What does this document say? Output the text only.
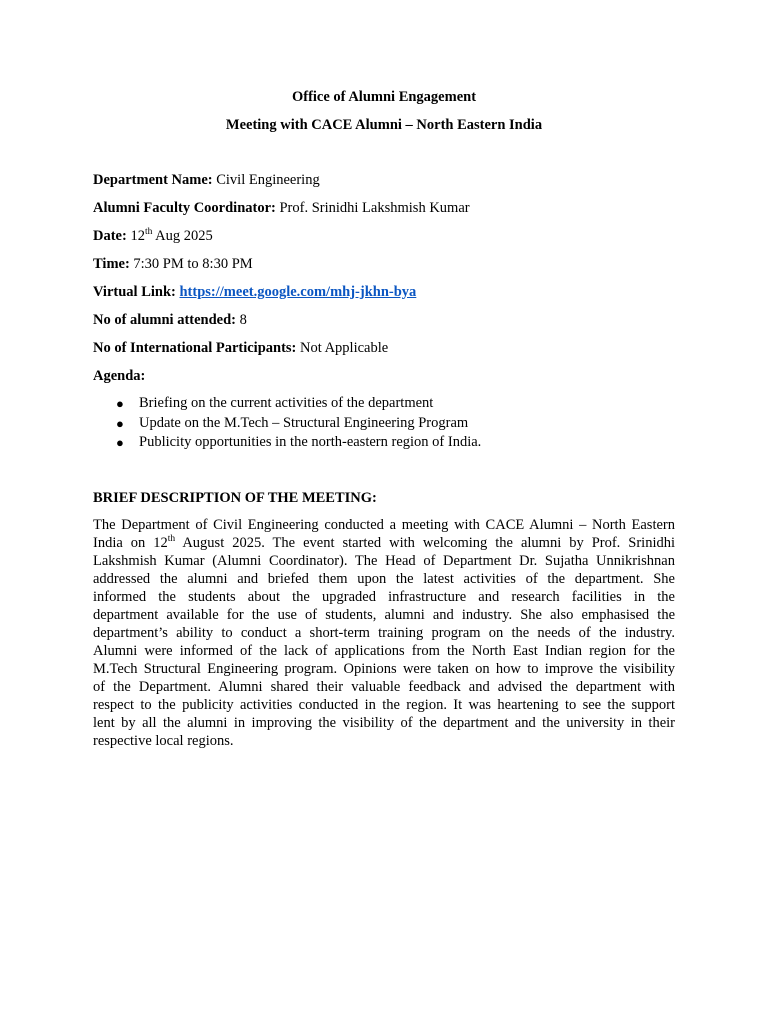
Office of Alumni Engagement
Meeting with CACE Alumni – North Eastern India
Department Name: Civil Engineering
Alumni Faculty Coordinator: Prof. Srinidhi Lakshmish Kumar
Date: 12th Aug 2025
Time: 7:30 PM to 8:30 PM
Virtual Link: https://meet.google.com/mhj-jkhn-bya
No of alumni attended: 8
No of International Participants: Not Applicable
Agenda:
● Briefing on the current activities of the department
● Update on the M.Tech – Structural Engineering Program
● Publicity opportunities in the north-eastern region of India.
BRIEF DESCRIPTION OF THE MEETING:
The Department of Civil Engineering conducted a meeting with CACE Alumni – North Eastern
India on 12th August 2025. The event started with welcoming the alumni by Prof. Srinidhi
Lakshmish Kumar (Alumni Coordinator). The Head of Department Dr. Sujatha Unnikrishnan
addressed the alumni and briefed them upon the latest activities of the department. She
informed the students about the upgraded infrastructure and research facilities in the
department available for the use of students, alumni and industry. She also emphasised the
department’s ability to conduct a short-term training program on the needs of the industry.
Alumni were informed of the lack of applications from the North East Indian region for the
M.Tech Structural Engineering program. Opinions were taken on how to improve the visibility
of the Department. Alumni shared their valuable feedback and advised the department with
respect to the publicity activities conducted in the region. It was heartening to see the support
lent by all the alumni in improving the visibility of the department and the university in their
respective local regions.
